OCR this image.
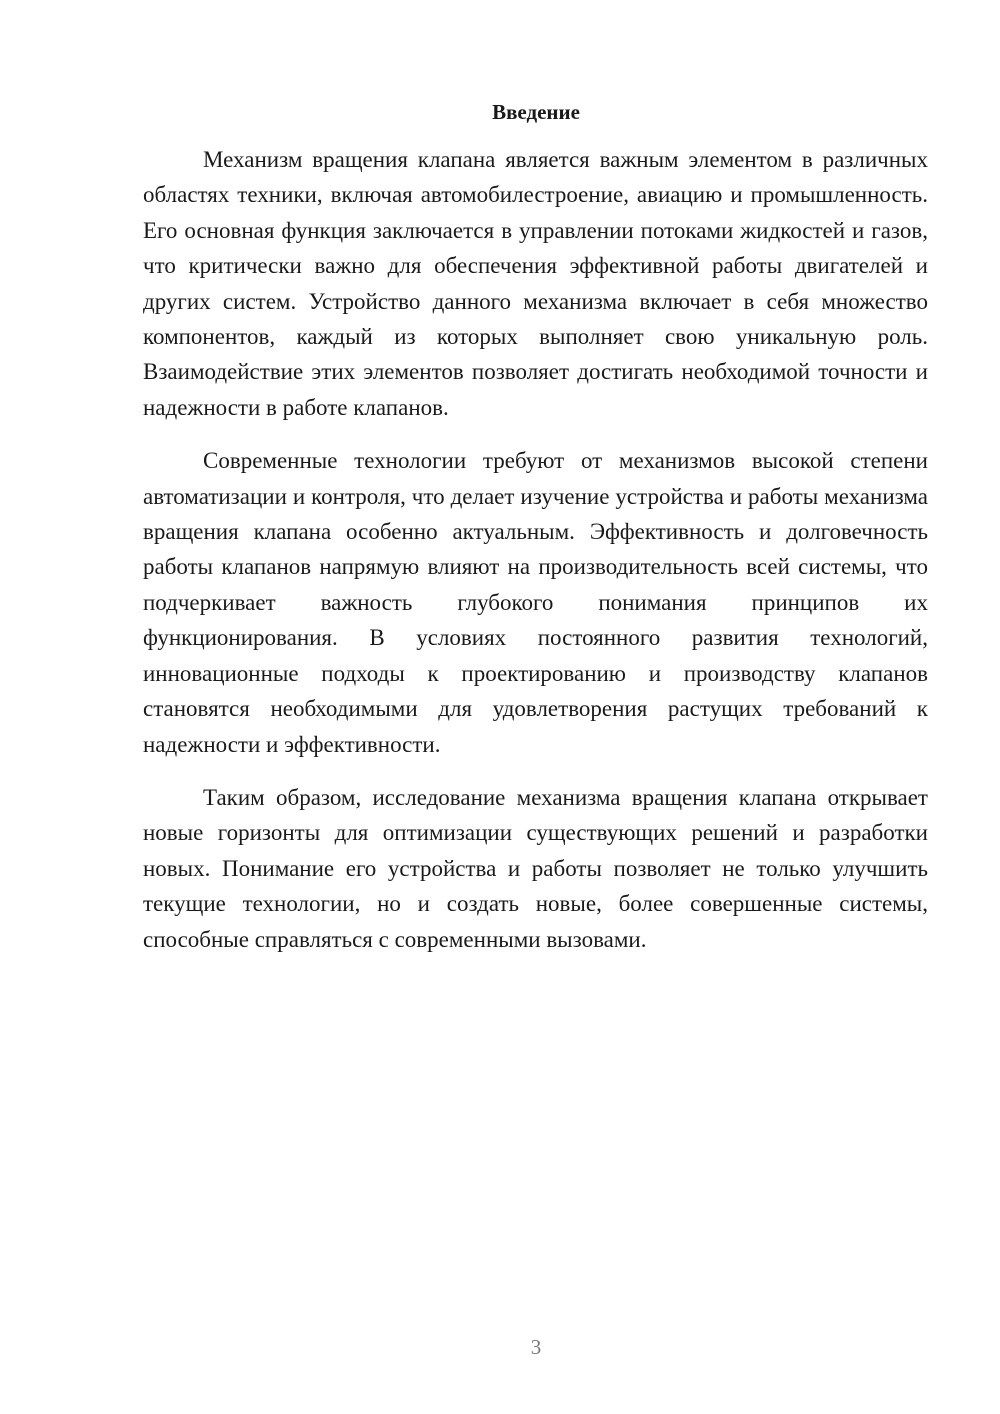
Введение

Механизм вращения клапана является важным элементом в различных областях техники, включая автомобилестроение, авиацию и промышленность. Его основная функция заключается в управлении потоками жидкостей и газов, что критически важно для обеспечения эффективной работы двигателей и других систем. Устройство данного механизма включает в себя множество компонентов, каждый из которых выполняет свою уникальную роль. Взаимодействие этих элементов позволяет достигать необходимой точности и надежности в работе клапанов.

Современные технологии требуют от механизмов высокой степени автоматизации и контроля, что делает изучение устройства и работы механизма вращения клапана особенно актуальным. Эффективность и долговечность работы клапанов напрямую влияют на производительность всей системы, что подчеркивает важность глубокого понимания принципов их функционирования. В условиях постоянного развития технологий, инновационные подходы к проектированию и производству клапанов становятся необходимыми для удовлетворения растущих требований к надежности и эффективности.

Таким образом, исследование механизма вращения клапана открывает новые горизонты для оптимизации существующих решений и разработки новых. Понимание его устройства и работы позволяет не только улучшить текущие технологии, но и создать новые, более совершенные системы, способные справляться с современными вызовами.

3
